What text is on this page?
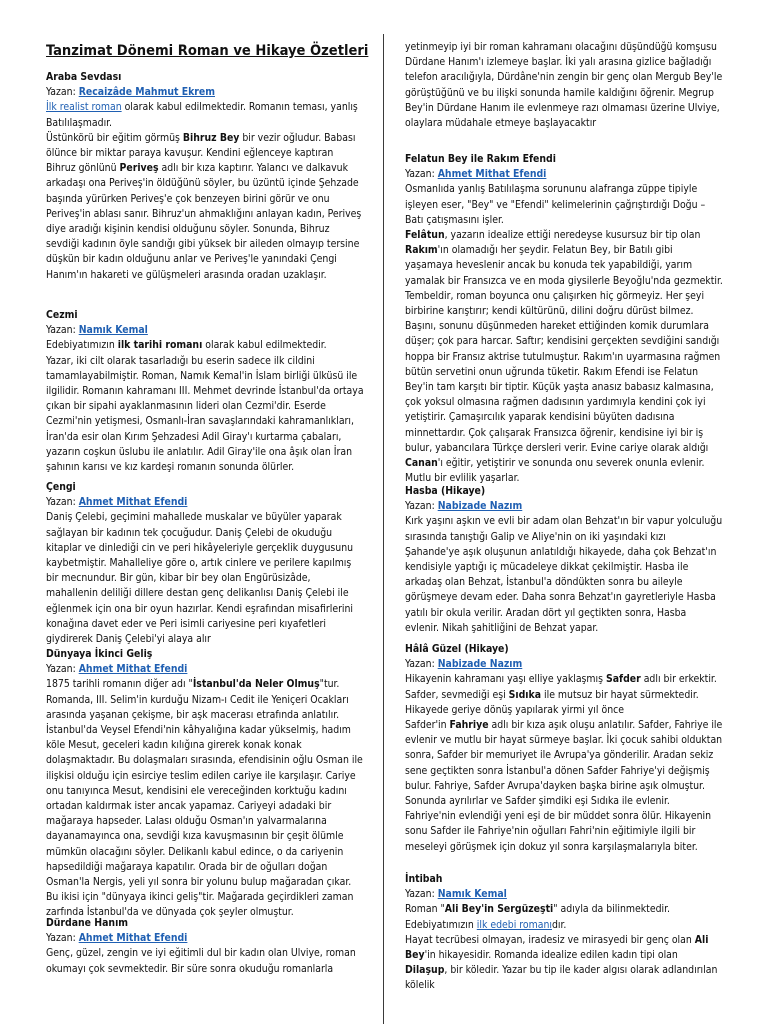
Tanzimat Dönemi Roman ve Hikaye Özetleri
Araba Sevdası
Yazan: Recaizâde Mahmut Ekrem

İlk realist roman olarak kabul edilmektedir. Romanın teması, yanlış Batılılaşmadır.

Üstünkörü bir eğitim görmüş Bihruz Bey bir vezir oğludur. Babası ölünce bir miktar paraya kavuşur. Kendini eğlenceye kaptıran Bihruz gönlünü Periveş adlı bir kıza kaptırır. Yalancı ve dalkavuk arkadaşı ona Periveş'in öldüğünü söyler, bu üzüntü içinde Şehzade başında yürürken Periveş'e çok benzeyen birini görür ve onu Periveş'in ablası sanır. Bihruz'un ahmaklığını anlayan kadın, Periveş diye aradığı kişinin kendisi olduğunu söyler. Sonunda, Bihruz sevdiği kadının öyle sandığı gibi yüksek bir aileden olmayıp tersine düşkün bir kadın olduğunu anlar ve Periveş'le yanındaki Çengi Hanım'ın hakareti ve gülüşmeleri arasında oradan uzaklaşır.

Cezmi
Yazan: Namık Kemal

Edebiyatımızın ilk tarihi romanı olarak kabul edilmektedir.

Yazar, iki cilt olarak tasarladığı bu eserin sadece ilk cildini tamamlayabilmiştir. Roman, Namık Kemal'in İslam birliği ülküsü ile ilgilidir. Romanın kahramanı III. Mehmet devrinde İstanbul'da ortaya çıkan bir sipahi ayaklanmasının lideri olan Cezmi'dir. Eserde Cezmi'nin yetişmesi, Osmanlı-İran savaşlarındaki kahramanlıkları, İran'da esir olan Kırım Şehzadesi Adil Giray'ı kurtarma çabaları, yazarın coşkun üslubu ile anlatılır. Adil Giray'ile ona âşık olan İran şahının karısı ve kız kardeşi romanın sonunda ölürler.

Çengi
Yazan: Ahmet Mithat Efendi

Daniş Çelebi, geçimini mahallede muskalar ve büyüler yaparak sağlayan bir kadının tek çocuğudur. Daniş Çelebi de okuduğu kitaplar ve dinlediği cin ve peri hikâyeleriyle gerçeklik duygusunu kaybetmiştir. Mahalleliye göre o, artık cinlere ve perilere kapılmış bir mecnundur. Bir gün, kibar bir bey olan Engürüsizâde, mahallenin deliliği dillere destan genç delikanlısı Daniş Çelebi ile eğlenmek için ona bir oyun hazırlar. Kendi eşrafından misafirlerini konağına davet eder ve Peri isimli cariyesine peri kıyafetleri giydirerek Daniş Çelebi'yi alaya alır

Dünyaya İkinci Geliş
Yazan: Ahmet Mithat Efendi

1875 tarihli romanın diğer adı "İstanbul'da Neler Olmuş"tur. Romanda, III. Selim'in kurduğu Nizam-ı Cedit ile Yeniçeri Ocakları arasında yaşanan çekişme, bir aşk macerası etrafında anlatılır. İstanbul'da Veysel Efendi'nin kâhyalığına kadar yükselmiş, hadım köle Mesut, geceleri kadın kılığına girerek konak konak dolaşmaktadır. Bu dolaşmaları sırasında, efendisinin oğlu Osman ile ilişkisi olduğu için esirciye teslim edilen cariye ile karşılaşır. Cariye onu tanıyınca Mesut, kendisini ele vereceğinden korktuğu kadını ortadan kaldırmak ister ancak yapamaz. Cariyeyi adadaki bir mağaraya hapseder. Lalası olduğu Osman'ın yalvarmalarına dayanamayınca ona, sevdiği kıza kavuşmasının bir çeşit ölümle mümkün olacağını söyler. Delikanlı kabul edince, o da cariyenin hapsedildiği mağaraya kapatılır. Orada bir de oğulları doğan Osman'la Nergis, yeli yıl sonra bir yolunu bulup mağaradan çıkar. Bu ikisi için "dünyaya ikinci geliş"tir. Mağarada geçirdikleri zaman zarfında İstanbul'da ve dünyada çok şeyler olmuştur.

Dürdane Hanım
Yazan: Ahmet Mithat Efendi

Genç, güzel, zengin ve iyi eğitimli dul bir kadın olan Ulviye, roman okumayı çok sevmektedir. Bir süre sonra okuduğu romanlarla

yetinmeyip iyi bir roman kahramanı olacağını düşündüğü komşusu Dürdane Hanım'ı izlemeye başlar. İki yalı arasına gizlice bağladığı telefon aracılığıyla, Dürdâne'nin zengin bir genç olan Mergub Bey'le görüştüğünü ve bu ilişki sonunda hamile kaldığını öğrenir. Megrup Bey'in Dürdane Hanım ile evlenmeye razı olmaması üzerine Ulviye, olaylara müdahale etmeye başlayacaktır

Felatun Bey ile Rakım Efendi
Yazan: Ahmet Mithat Efendi

Osmanlıda yanlış Batılılaşma sorununu alafranga züppe tipiyle işleyen eser, "Bey" ve "Efendi" kelimelerinin çağrıştırdığı Doğu – Batı çatışmasını işler.

Felâtun, yazarın idealize ettiği neredeyse kusursuz bir tip olan Rakım'ın olamadığı her şeydir. Felatun Bey, bir Batılı gibi yaşamaya heveslenir ancak bu konuda tek yapabildiği, yarım yamalak bir Fransızca ve en moda giysilerle Beyoğlu'nda gezmektir. Tembeldir, roman boyunca onu çalışırken hiç görmeyiz. Her şeyi birbirine karıştırır; kendi kültürünü, dilini doğru dürüst bilmez. Başını, sonunu düşünmeden hareket ettiğinden komik durumlara düşer; çok para harcar. Saftır; kendisini gerçekten sevdiğini sandığı hoppa bir Fransız aktrise tutulmuştur. Rakım'ın uyarmasına rağmen bütün servetini onun uğrunda tüketir. Rakım Efendi ise Felatun Bey'in tam karşıtı bir tiptir. Küçük yaşta anasız babasız kalmasına, çok yoksul olmasına rağmen dadısının yardımıyla kendini çok iyi yetiştirir. Çamaşırcılık yaparak kendisini büyüten dadısına minnettardır. Çok çalışarak Fransızca öğrenir, kendisine iyi bir iş bulur, yabancılara Türkçe dersleri verir. Evine cariye olarak aldığı Canan'ı eğitir, yetiştirir ve sonunda onu severek onunla evlenir. Mutlu bir evlilik yaşarlar.

Hasba (Hikaye)
Yazan: Nabizade Nazım

Kırk yaşını aşkın ve evli bir adam olan Behzat'ın bir vapur yolculuğu sırasında tanıştığı Galip ve Aliye'nin on iki yaşındaki kızı Şahande'ye aşık oluşunun anlatıldığı hikayede, daha çok Behzat'ın kendisiyle yaptığı iç mücadeleye dikkat çekilmiştir. Hasba ile arkadaş olan Behzat, İstanbul'a döndükten sonra bu aileyle görüşmeye devam eder. Daha sonra Behzat'ın gayretleriyle Hasba yatılı bir okula verilir. Aradan dört yıl geçtikten sonra, Hasba evlenir. Nikah şahitliğini de Behzat yapar.

Hâlâ Güzel (Hikaye)
Yazan: Nabizade Nazım

Hikayenin kahramanı yaşı elliye yaklaşmış Safder adlı bir erkektir. Safder, sevmediği eşi Sıdıka ile mutsuz bir hayat sürmektedir. Hikayede geriye dönüş yapılarak yirmi yıl önce

Safder'in Fahriye adlı bir kıza aşık oluşu anlatılır. Safder, Fahriye ile evlenir ve mutlu bir hayat sürmeye başlar. İki çocuk sahibi olduktan sonra, Safder bir memuriyet ile Avrupa'ya gönderilir. Aradan sekiz sene geçtikten sonra İstanbul'a dönen Safder Fahriye'yi değişmiş bulur. Fahriye, Safder Avrupa'dayken başka birine aşık olmuştur. Sonunda ayrılırlar ve Safder şimdiki eşi Sıdıka ile evlenir. Fahriye'nin evlendiği yeni eşi de bir müddet sonra ölür. Hikayenin sonu Safder ile Fahriye'nin oğulları Fahri'nin eğitimiyle ilgili bir meseleyi görüşmek için dokuz yıl sonra karşılaşmalarıyla biter.

İntibah
Yazan: Namık Kemal

Roman "Ali Bey'in Sergüzeşti" adıyla da bilinmektedir.

Edebiyatımızın ilk edebi romanıdır.

Hayat tecrübesi olmayan, iradesiz ve mirasyedi bir genç olan Ali Bey'in hikayesidir. Romanda idealize edilen kadın tipi olan Dilaşup, bir köledir. Yazar bu tip ile kader algısı olarak adlandırılan kölelik
